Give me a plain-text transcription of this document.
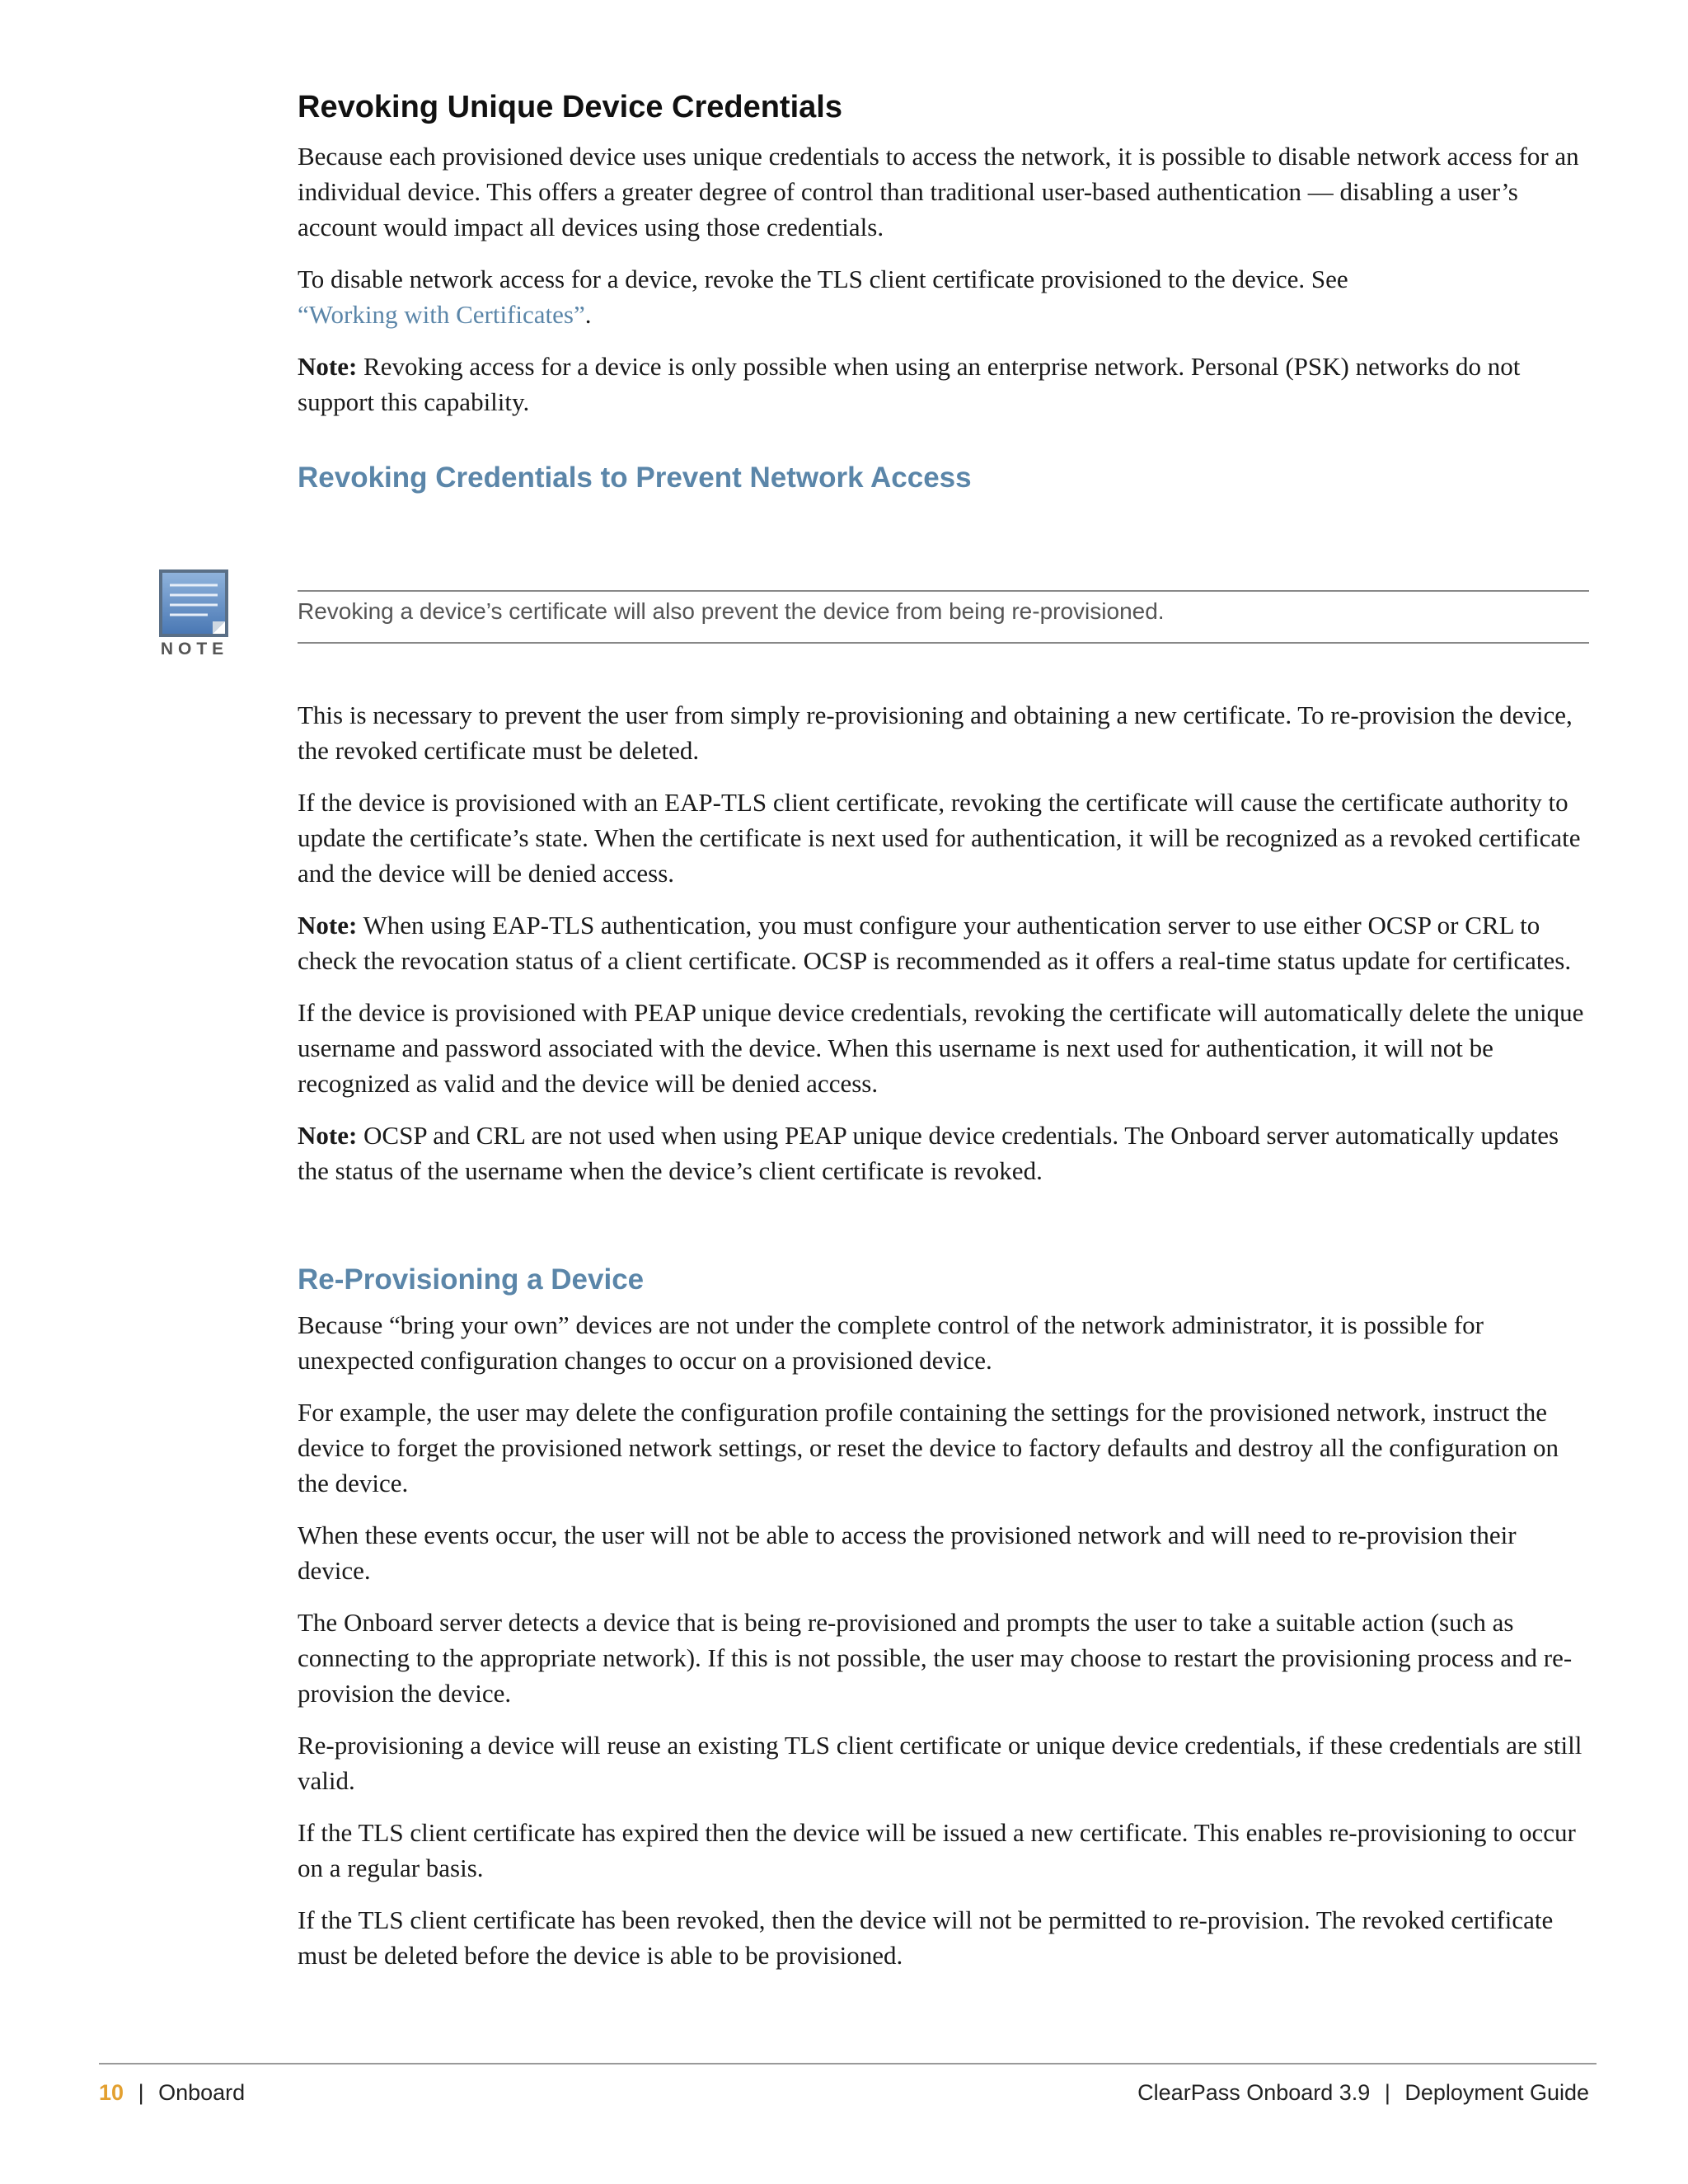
Revoking Unique Device Credentials

Because each provisioned device uses unique credentials to access the network, it is possible to disable network access for an individual device. This offers a greater degree of control than traditional user-based authentication — disabling a user’s account would impact all devices using those credentials.

To disable network access for a device, revoke the TLS client certificate provisioned to the device. See
“Working with Certificates”.

Note: Revoking access for a device is only possible when using an enterprise network. Personal (PSK) networks do not support this capability.

Revoking Credentials to Prevent Network Access
NOTE
Revoking a device’s certificate will also prevent the device from being re-provisioned.

This is necessary to prevent the user from simply re-provisioning and obtaining a new certificate. To re-provision the device, the revoked certificate must be deleted.

If the device is provisioned with an EAP-TLS client certificate, revoking the certificate will cause the certificate authority to update the certificate’s state. When the certificate is next used for authentication, it will be recognized as a revoked certificate and the device will be denied access.

Note: When using EAP-TLS authentication, you must configure your authentication server to use either OCSP or CRL to check the revocation status of a client certificate. OCSP is recommended as it offers a real-time status update for certificates.

If the device is provisioned with PEAP unique device credentials, revoking the certificate will automatically delete the unique username and password associated with the device. When this username is next used for authentication, it will not be recognized as valid and the device will be denied access.

Note: OCSP and CRL are not used when using PEAP unique device credentials. The Onboard server automatically updates the status of the username when the device’s client certificate is revoked.

Re-Provisioning a Device

Because “bring your own” devices are not under the complete control of the network administrator, it is possible for unexpected configuration changes to occur on a provisioned device.

For example, the user may delete the configuration profile containing the settings for the provisioned network, instruct the device to forget the provisioned network settings, or reset the device to factory defaults and destroy all the configuration on the device.

When these events occur, the user will not be able to access the provisioned network and will need to re-provision their device.

The Onboard server detects a device that is being re-provisioned and prompts the user to take a suitable action (such as connecting to the appropriate network). If this is not possible, the user may choose to restart the provisioning process and re-provision the device.

Re-provisioning a device will reuse an existing TLS client certificate or unique device credentials, if these credentials are still valid.

If the TLS client certificate has expired then the device will be issued a new certificate. This enables re-provisioning to occur on a regular basis.

If the TLS client certificate has been revoked, then the device will not be permitted to re-provision. The revoked certificate must be deleted before the device is able to be provisioned.

10 | Onboard	ClearPass Onboard 3.9 | Deployment Guide
